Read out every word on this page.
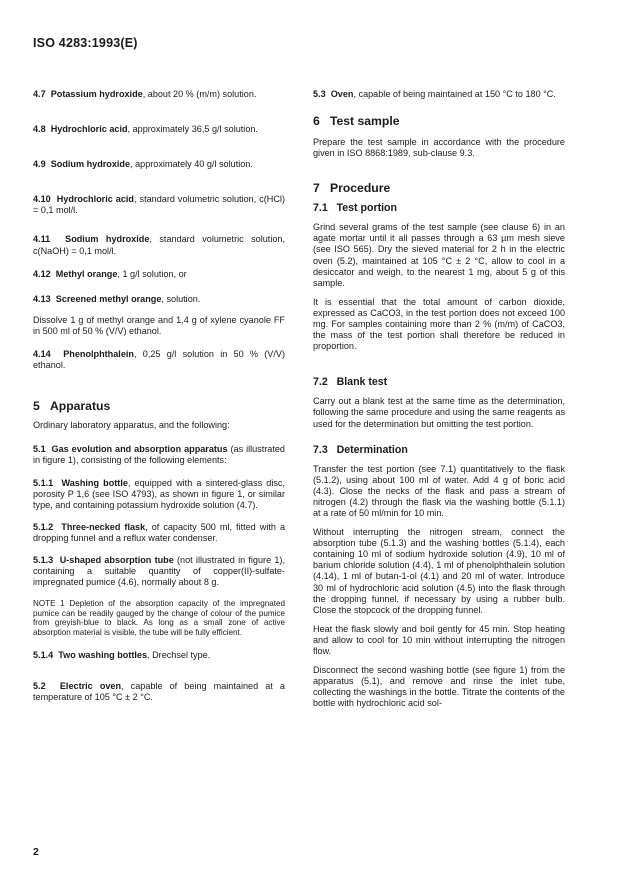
ISO 4283:1993(E)

4.7 Potassium hydroxide, about 20 % (m/m) solution.

4.8 Hydrochloric acid, approximately 36,5 g/l solution.

4.9 Sodium hydroxide, approximately 40 g/l solution.

4.10 Hydrochloric acid, standard volumetric solution, c(HCl) = 0,1 mol/l.

4.11 Sodium hydroxide, standard volumetric solution, c(NaOH) = 0,1 mol/l.

4.12 Methyl orange, 1 g/l solution, or

4.13 Screened methyl orange, solution.

Dissolve 1 g of methyl orange and 1,4 g of xylene cyanole FF in 500 ml of 50 % (V/V) ethanol.

4.14 Phenolphthalein, 0,25 g/l solution in 50 % (V/V) ethanol.

5 Apparatus

Ordinary laboratory apparatus, and the following:

5.1 Gas evolution and absorption apparatus (as illustrated in figure 1), consisting of the following elements:

5.1.1 Washing bottle, equipped with a sintered-glass disc, porosity P 1,6 (see ISO 4793), as shown in figure 1, or similar type, and containing potassium hydroxide solution (4.7).

5.1.2 Three-necked flask, of capacity 500 ml, fitted with a dropping funnel and a reflux water condenser.

5.1.3 U-shaped absorption tube (not illustrated in figure 1), containing a suitable quantity of copper(II)-sulfate-impregnated pumice (4.6), normally about 8 g.

NOTE 1 Depletion of the absorption capacity of the impregnated pumice can be readily gauged by the change of colour of the pumice from greyish-blue to black. As long as a small zone of active absorption material is visible, the tube will be fully efficient.

5.1.4 Two washing bottles, Drechsel type.

5.2 Electric oven, capable of being maintained at a temperature of 105 °C ± 2 °C.

5.3 Oven, capable of being maintained at 150 °C to 180 °C.

6 Test sample

Prepare the test sample in accordance with the procedure given in ISO 8868:1989, sub-clause 9.3.

7 Procedure

7.1 Test portion

Grind several grams of the test sample (see clause 6) in an agate mortar until it all passes through a 63 µm mesh sieve (see ISO 565). Dry the sieved material for 2 h in the electric oven (5.2), maintained at 105 °C ± 2 °C, allow to cool in a desiccator and weigh, to the nearest 1 mg, about 5 g of this sample.

It is essential that the total amount of carbon dioxide, expressed as CaCO3, in the test portion does not exceed 100 mg. For samples containing more than 2 % (m/m) of CaCO3, the mass of the test portion shall therefore be reduced in proportion.

7.2 Blank test

Carry out a blank test at the same time as the determination, following the same procedure and using the same reagents as used for the determination but omitting the test portion.

7.3 Determination

Transfer the test portion (see 7.1) quantitatively to the flask (5.1.2), using about 100 ml of water. Add 4 g of boric acid (4.3). Close the necks of the flask and pass a stream of nitrogen (4.2) through the flask via the washing bottle (5.1.1) at a rate of 50 ml/min for 10 min.

Without interrupting the nitrogen stream, connect the absorption tube (5.1.3) and the washing bottles (5.1.4), each containing 10 ml of sodium hydroxide solution (4.9), 10 ml of barium chloride solution (4.4), 1 ml of phenolphthalein solution (4.14), 1 ml of butan-1-ol (4.1) and 20 ml of water. Introduce 30 ml of hydrochloric acid solution (4.5) into the flask through the dropping funnel, if necessary by using a rubber bulb. Close the stopcock of the dropping funnel.

Heat the flask slowly and boil gently for 45 min. Stop heating and allow to cool for 10 min without interrupting the nitrogen flow.

Disconnect the second washing bottle (see figure 1) from the apparatus (5.1), and remove and rinse the inlet tube, collecting the washings in the bottle. Titrate the contents of the bottle with hydrochloric acid sol-

2
